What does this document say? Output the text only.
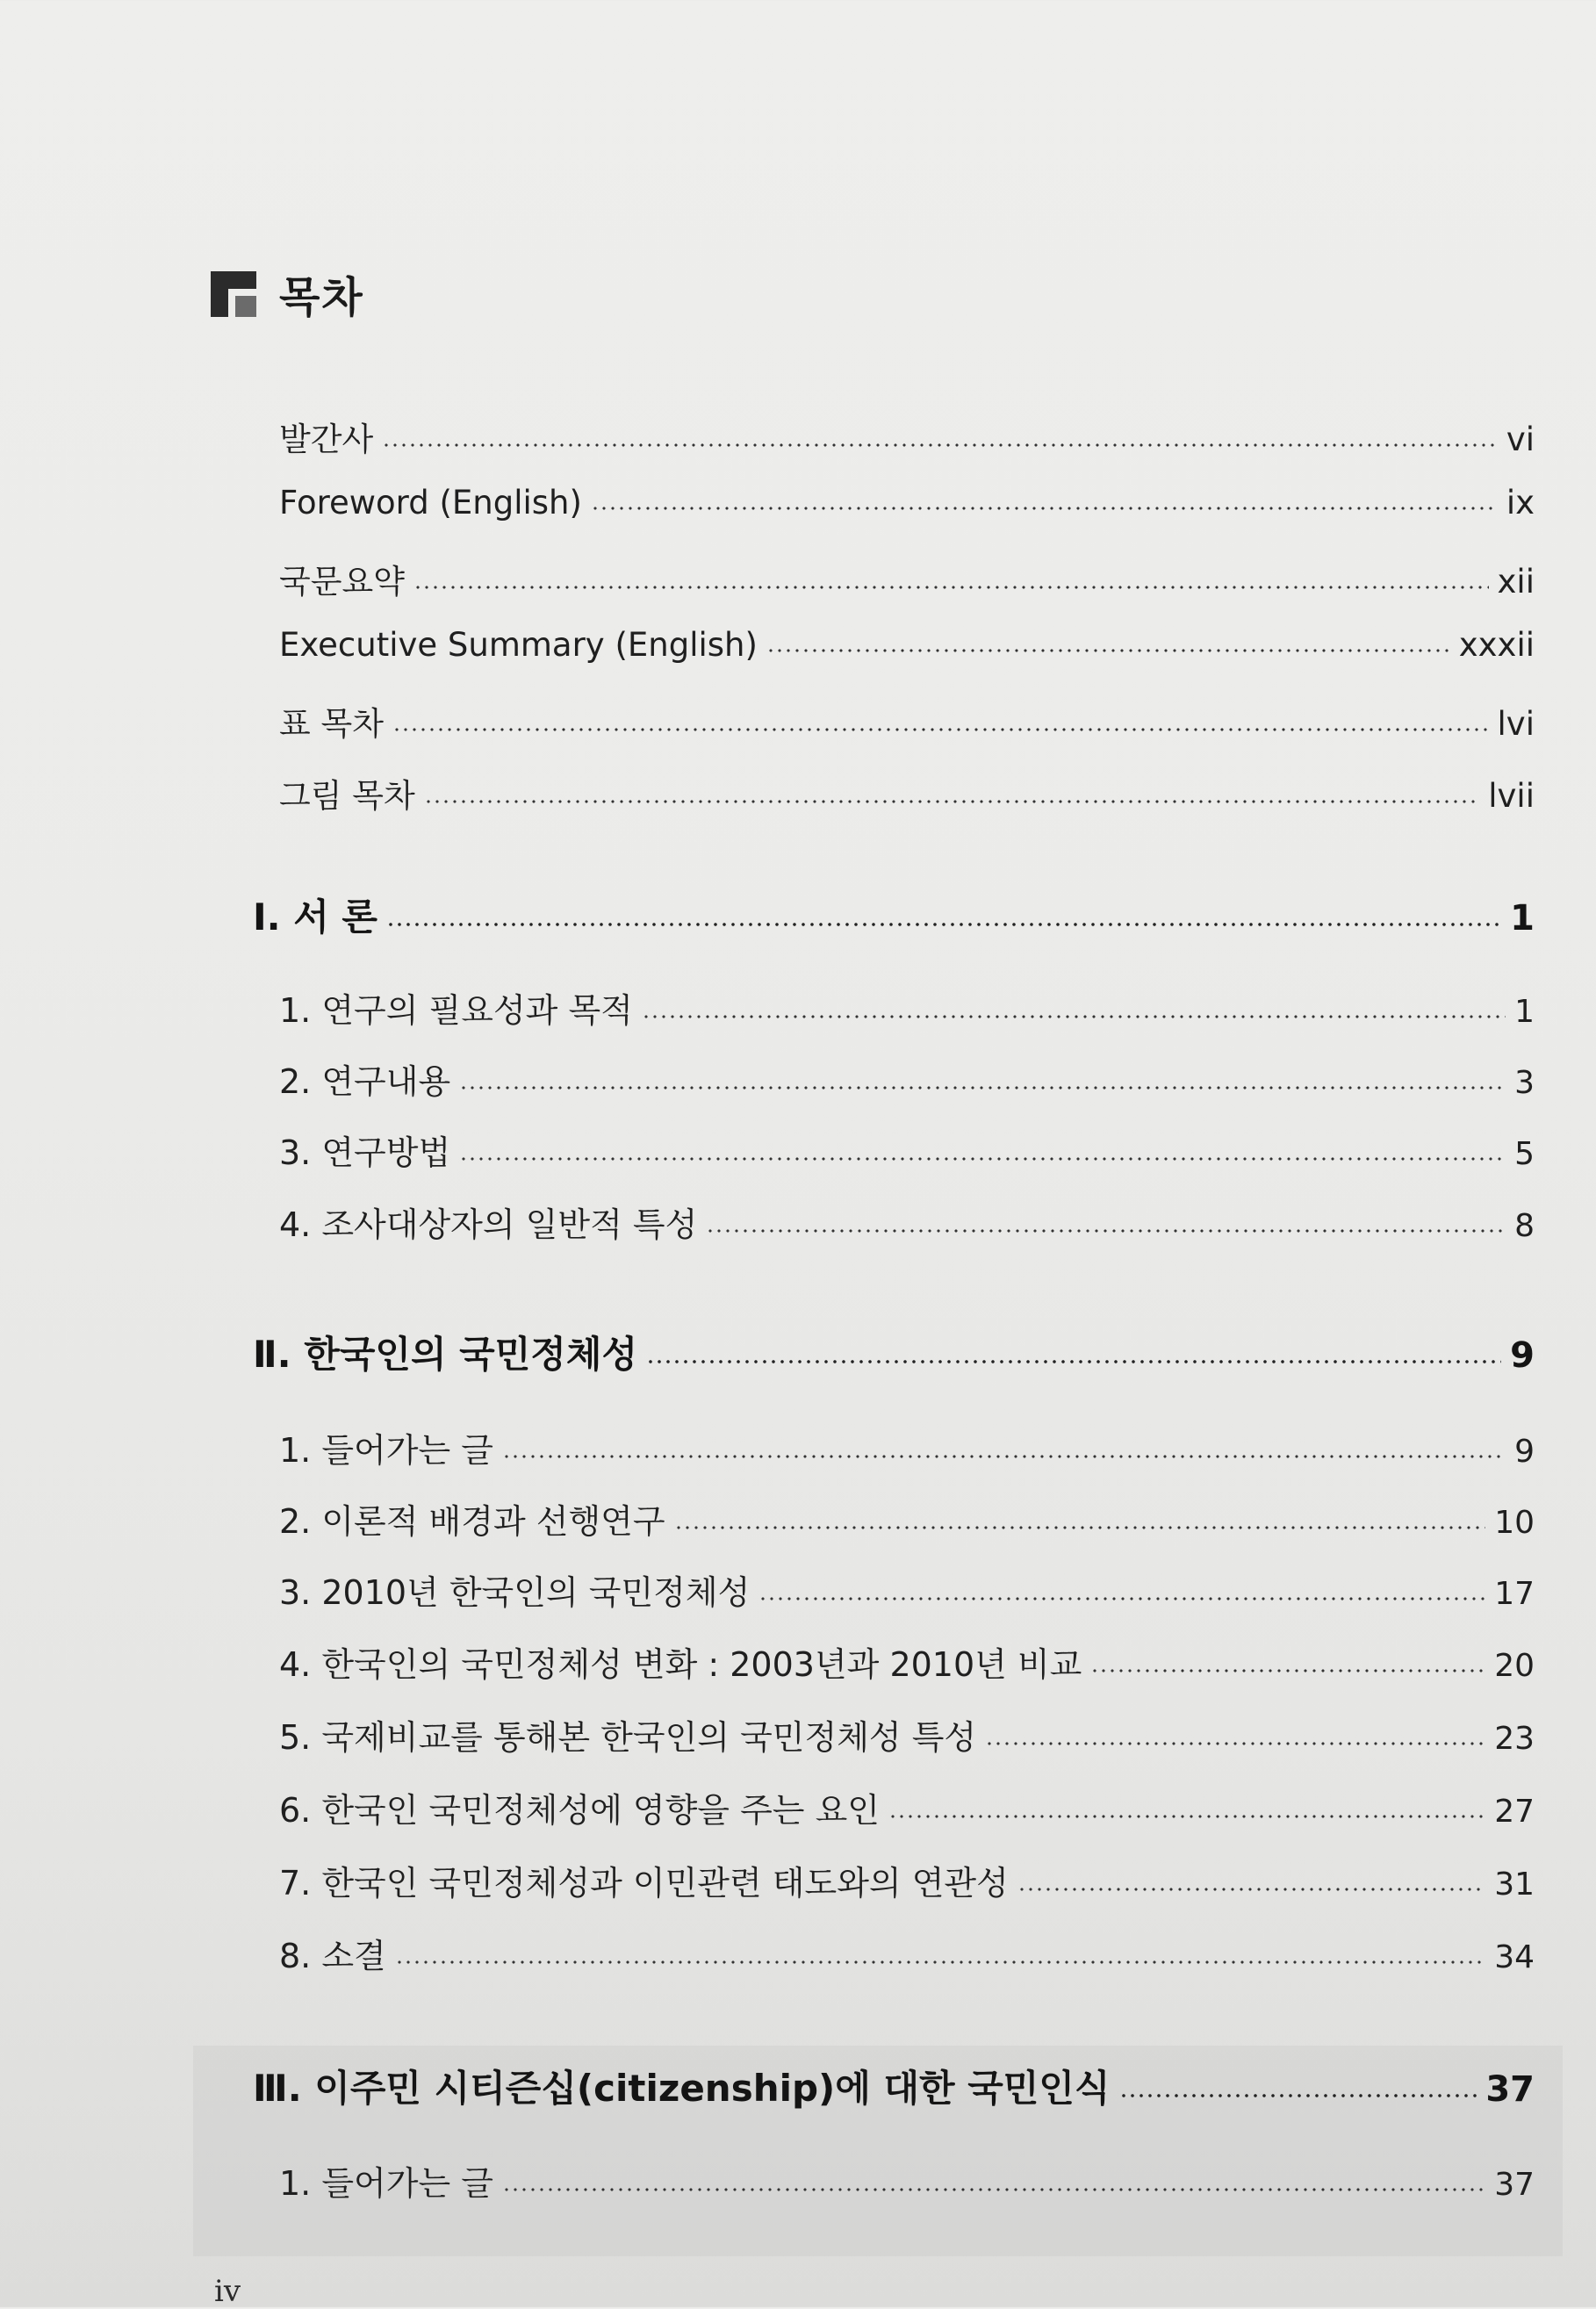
목차
발간사	vi
Foreword (English)	ix
국문요약	xii
Executive Summary (English)	xxxii
표 목차	lvi
그림 목차	lvii
Ⅰ. 서 론	1
1. 연구의 필요성과 목적	1
2. 연구내용	3
3. 연구방법	5
4. 조사대상자의 일반적 특성	8
Ⅱ. 한국인의 국민정체성	9
1. 들어가는 글	9
2. 이론적 배경과 선행연구	10
3. 2010년 한국인의 국민정체성	17
4. 한국인의 국민정체성 변화 : 2003년과 2010년 비교	20
5. 국제비교를 통해본 한국인의 국민정체성 특성	23
6. 한국인 국민정체성에 영향을 주는 요인	27
7. 한국인 국민정체성과 이민관련 태도와의 연관성	31
8. 소결	34
Ⅲ. 이주민 시티즌십(citizenship)에 대한 국민인식	37
1. 들어가는 글	37
iv
